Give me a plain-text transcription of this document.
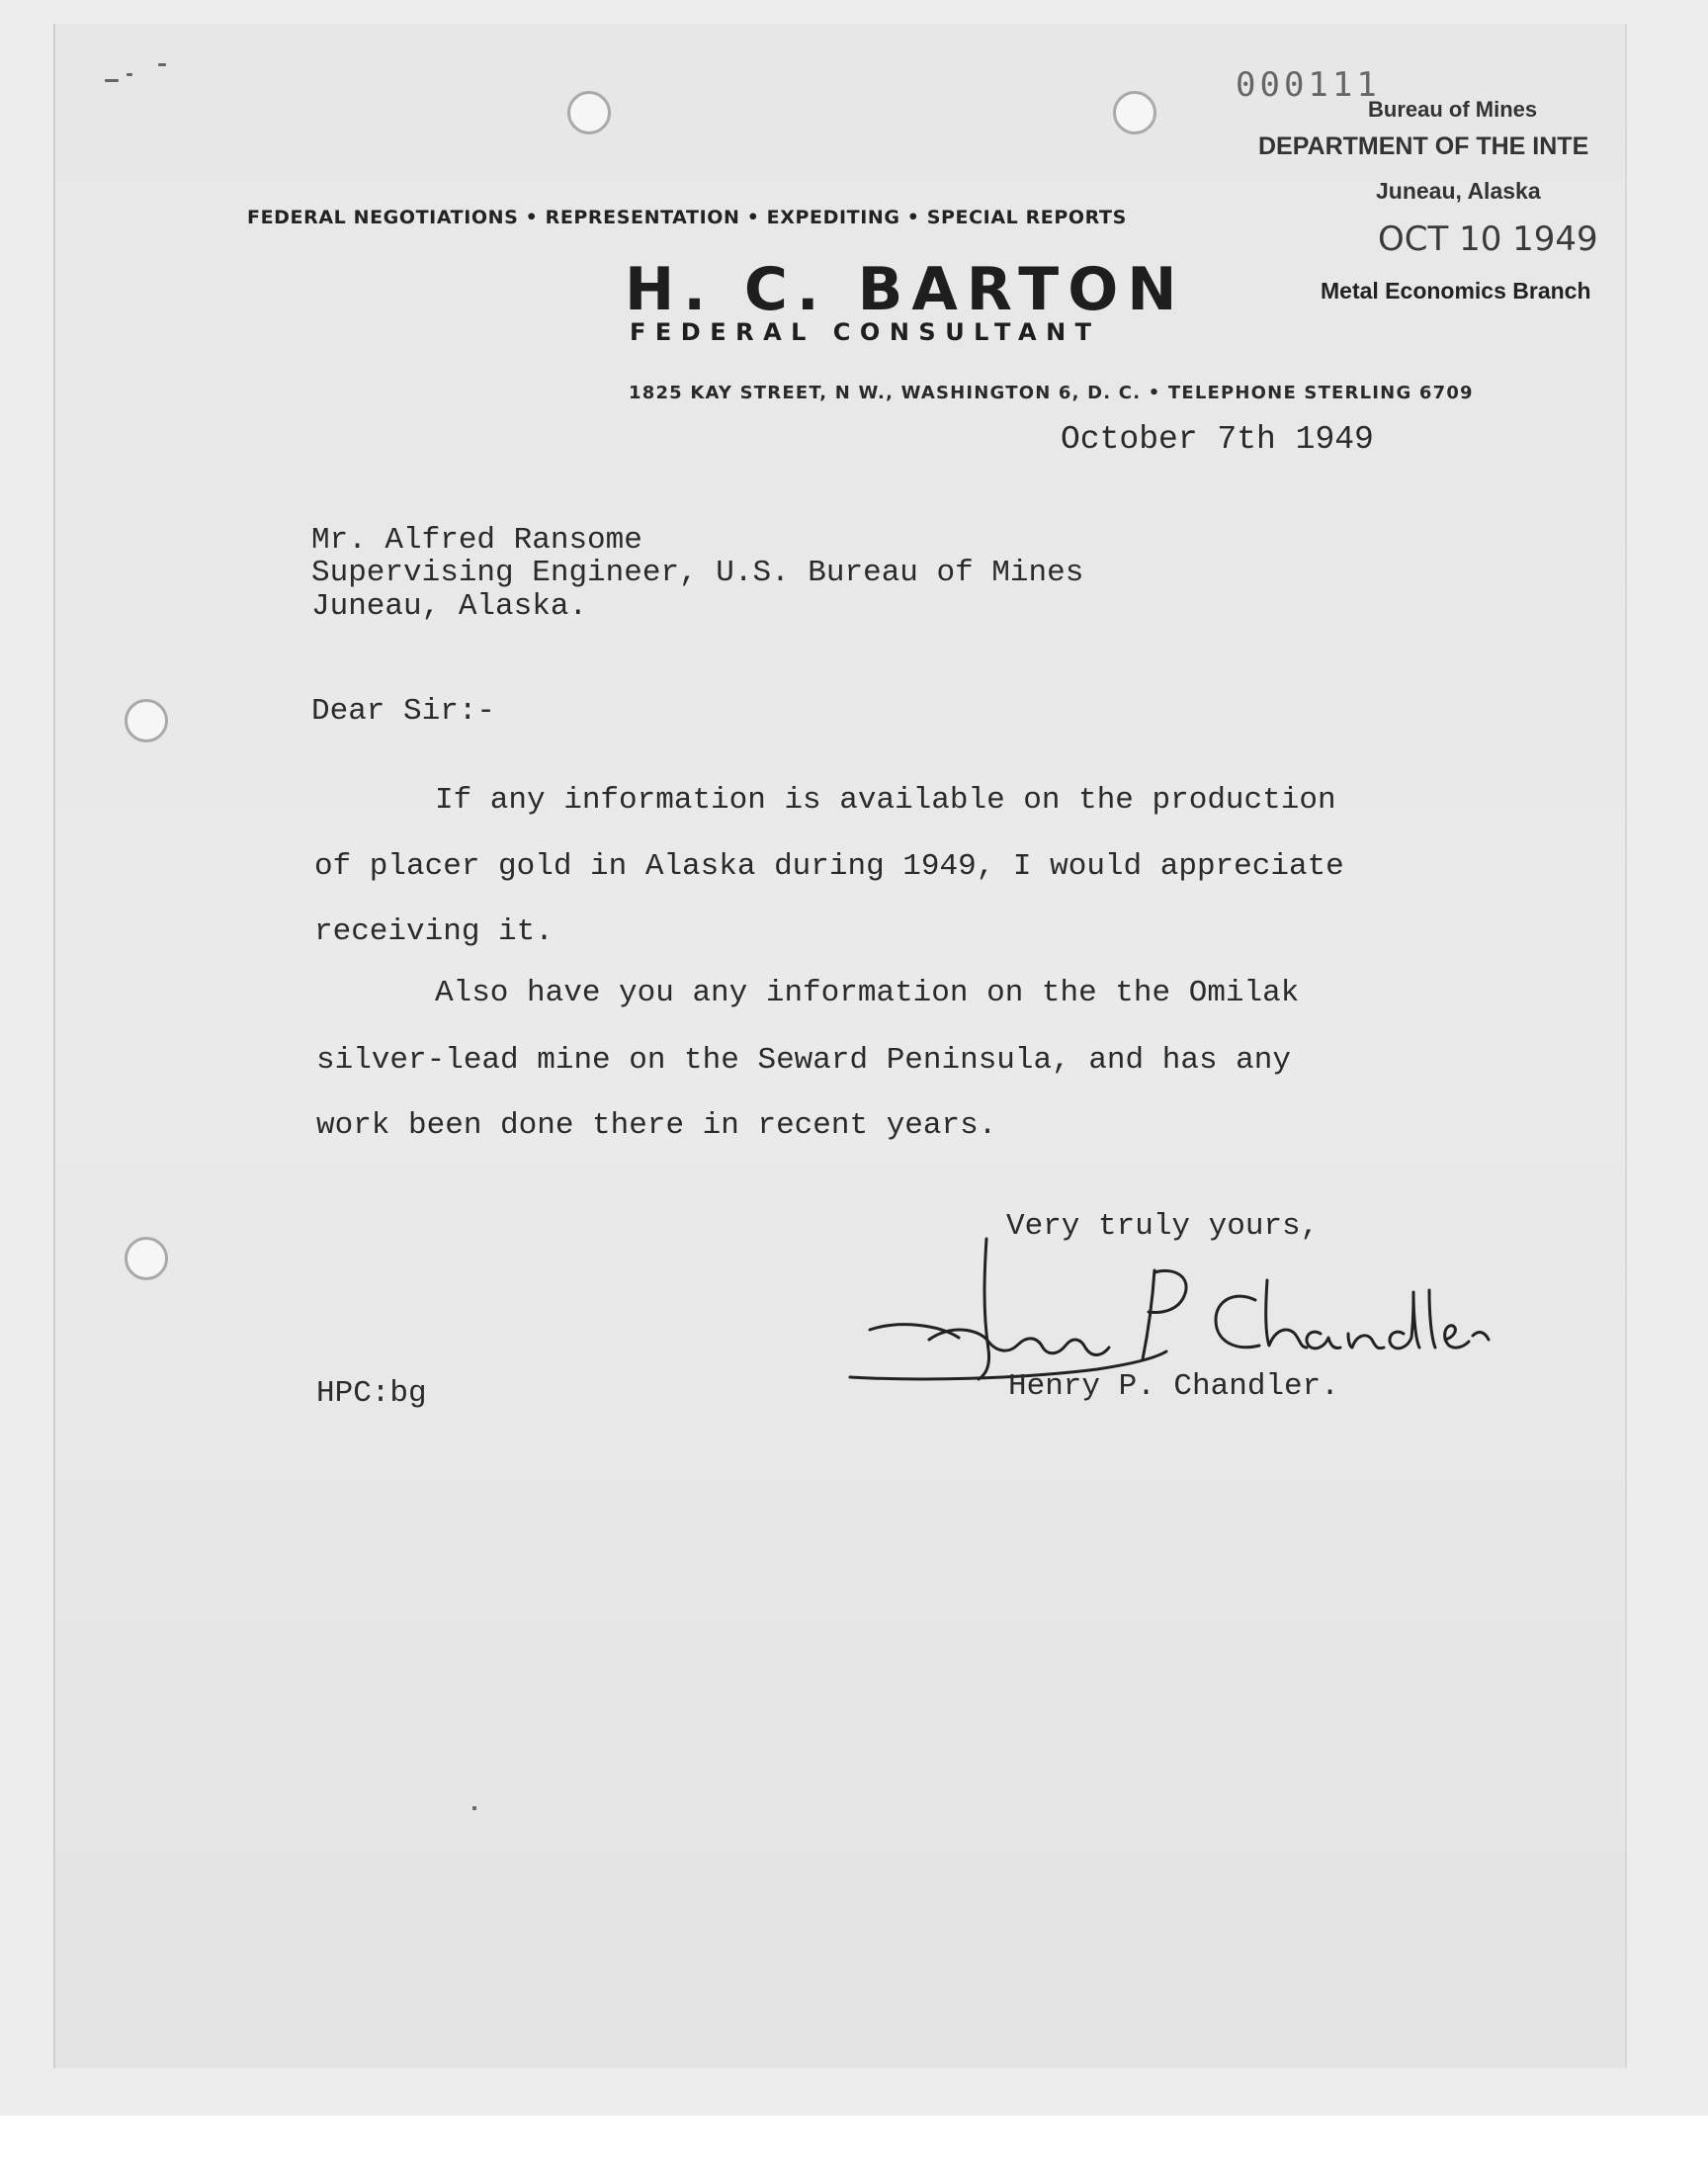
000111
Bureau of Mines
DEPARTMENT OF THE INTE
Juneau, Alaska
OCT 10 1949
Metal Economics Branch
FEDERAL NEGOTIATIONS • REPRESENTATION • EXPEDITING • SPECIAL REPORTS
H. C. BARTON
FEDERAL CONSULTANT
1825 KAY STREET, N W., WASHINGTON 6, D. C. • TELEPHONE STERLING 6709
October 7th 1949
Mr. Alfred Ransome
Supervising Engineer, U.S. Bureau of Mines
Juneau, Alaska.
Dear Sir:-
If any information is available on the production
of placer gold in Alaska during 1949, I would appreciate
receiving it.
Also have you any information on the the Omilak
silver-lead mine on the Seward Peninsula, and has any
work been done there in recent years.
Very truly yours,
Henry P. Chandler.
HPC:bg
